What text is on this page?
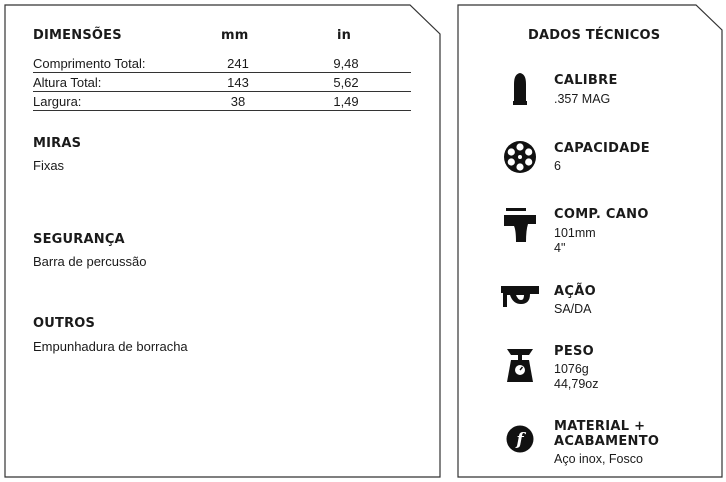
DIMENSÕES	mm	in
Comprimento Total:	241	9,48
Altura Total:	143	5,62
Largura:	38	1,49
MIRAS
Fixas
SEGURANÇA
Barra de percussão
OUTROS
Empunhadura de borracha
DADOS TÉCNICOS
CALIBRE
.357 MAG
CAPACIDADE
6
COMP. CANO
101mm
4"
AÇÃO
SA/DA
PESO
1076g
44,79oz
f
MATERIAL +
ACABAMENTO
Aço inox, Fosco
